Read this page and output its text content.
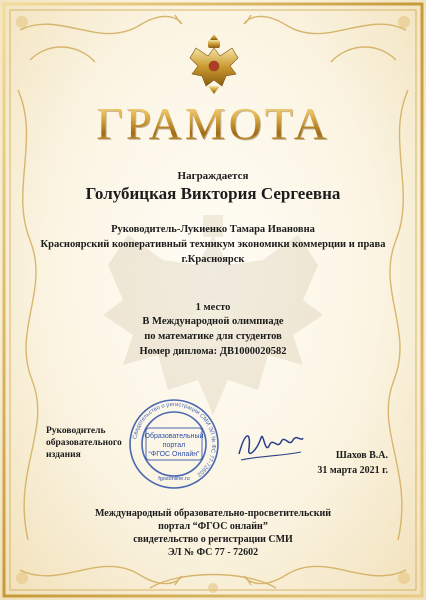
ГРАМОТА
Награждается
Голубицкая Виктория Сергеевна
Руководитель-Лукиенко Тамара Ивановна
Красноярский кооперативный техникум экономики коммерции и права
г.Красноярск
1 место
В Международной олимпиаде
по математике для студентов
Номер диплома: ДВ1000020582
Руководитель образовательного издания
Свидетельство о регистрации СМИ ЭЛ № ФС 77-72602
Образовательный
портал
“ФГОС Онлайн”
fgosonline.ru
Шахов В.А.
31 марта 2021 г.
Международный образовательно-просветительский
портал “ФГОС онлайн”
свидетельство о регистрации СМИ
ЭЛ № ФС 77 - 72602
